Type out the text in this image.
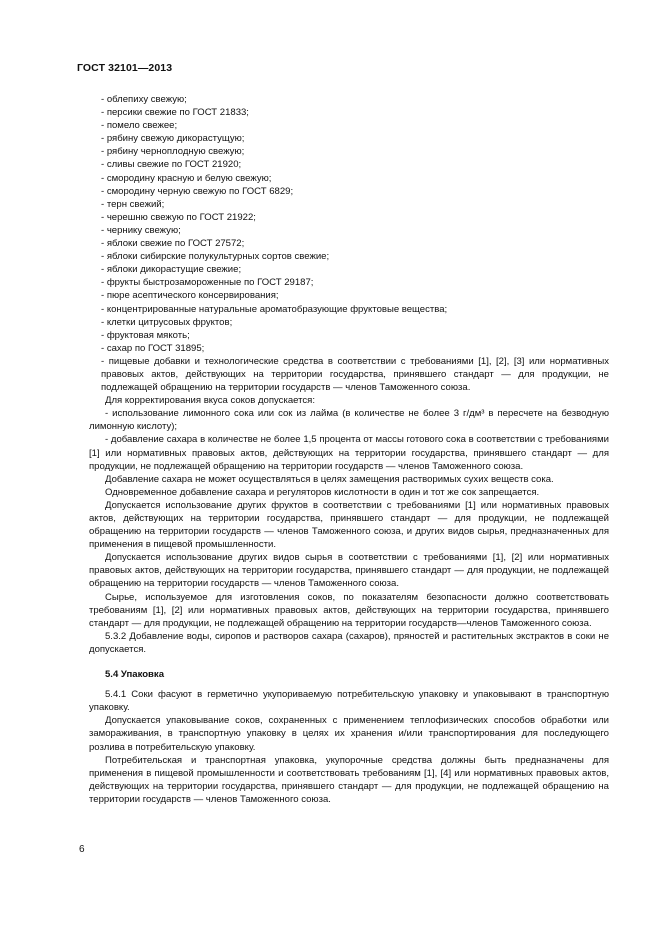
ГОСТ 32101—2013
- облепиху свежую;
- персики свежие по ГОСТ 21833;
- помело свежее;
- рябину свежую дикорастущую;
- рябину черноплодную свежую;
- сливы свежие по ГОСТ 21920;
- смородину красную и белую свежую;
- смородину черную свежую по ГОСТ 6829;
- терн свежий;
- черешню свежую по ГОСТ 21922;
- чернику свежую;
- яблоки свежие по ГОСТ 27572;
- яблоки сибирские полукультурных сортов свежие;
- яблоки дикорастущие свежие;
- фрукты быстрозамороженные по ГОСТ 29187;
- пюре асептического консервирования;
- концентрированные натуральные ароматобразующие фруктовые вещества;
- клетки цитрусовых фруктов;
- фруктовая мякоть;
- сахар по ГОСТ 31895;

- пищевые добавки и технологические средства в соответствии с требованиями [1], [2], [3] или нормативных правовых актов, действующих на территории государства, принявшего стандарт — для продукции, не подлежащей обращению на территории государств — членов Таможенного союза.

Для корректирования вкуса соков допускается:

- использование лимонного сока или сок из лайма (в количестве не более 3 г/дм³ в пересчете на безводную лимонную кислоту);

- добавление сахара в количестве не более 1,5 процента от массы готового сока в соответствии с требованиями [1] или нормативных правовых актов, действующих на территории государства, принявшего стандарт — для продукции, не подлежащей обращению на территории государств — членов Таможенного союза.

Добавление сахара не может осуществляться в целях замещения растворимых сухих веществ сока.

Одновременное добавление сахара и регуляторов кислотности в один и тот же сок запрещается.

Допускается использование других фруктов в соответствии с требованиями [1] или нормативных правовых актов, действующих на территории государства, принявшего стандарт — для продукции, не подлежащей обращению на территории государств — членов Таможенного союза, и других видов сырья, предназначенных для применения в пищевой промышленности.

Допускается использование других видов сырья в соответствии с требованиями [1], [2] или нормативных правовых актов, действующих на территории государства, принявшего стандарт — для продукции, не подлежащей обращению на территории государств — членов Таможенного союза.

Сырье, используемое для изготовления соков, по показателям безопасности должно соответствовать требованиям [1], [2] или нормативных правовых актов, действующих на территории государства, принявшего стандарт — для продукции, не подлежащей обращению на территории государств—членов Таможенного союза.

5.3.2 Добавление воды, сиропов и растворов сахара (сахаров), пряностей и растительных экстрактов в соки не допускается.

5.4 Упаковка

5.4.1 Соки фасуют в герметично укупориваемую потребительскую упаковку и упаковывают в транспортную упаковку.

Допускается упаковывание соков, сохраненных с применением теплофизических способов обработки или замораживания, в транспортную упаковку в целях их хранения и/или транспортирования для последующего розлива в потребительскую упаковку.

Потребительская и транспортная упаковка, укупорочные средства должны быть предназначены для применения в пищевой промышленности и соответствовать требованиям [1], [4] или нормативных правовых актов, действующих на территории государства, принявшего стандарт — для продукции, не подлежащей обращению на территории государств — членов Таможенного союза.

6
